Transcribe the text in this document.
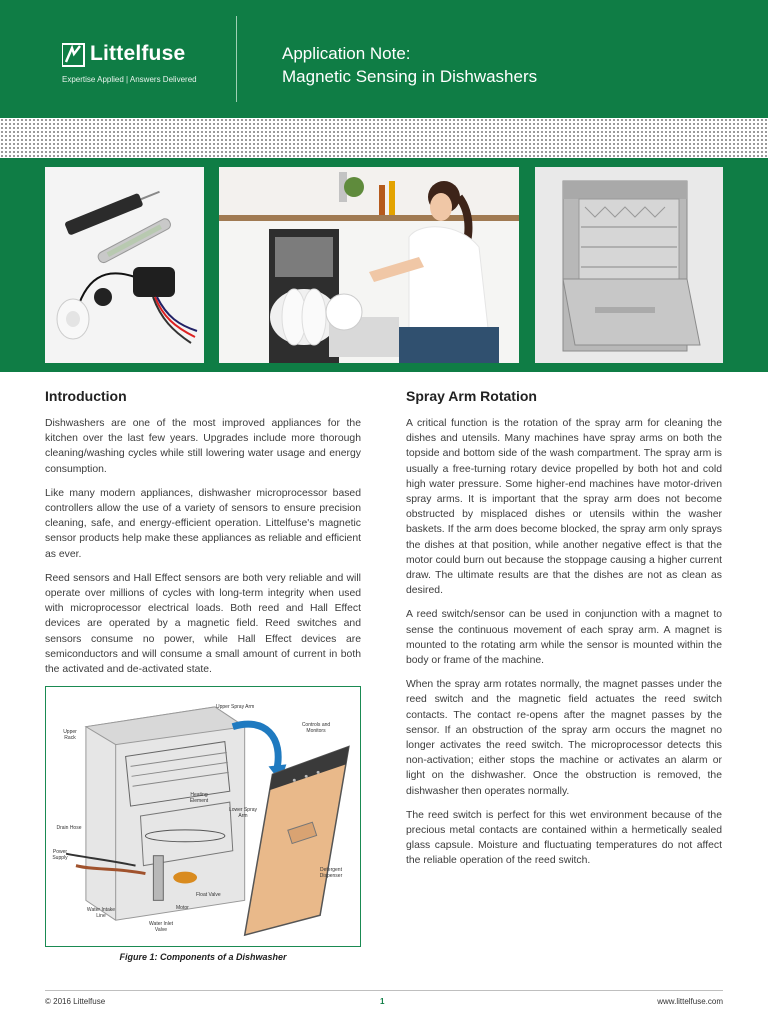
Littelfuse
Expertise Applied | Answers Delivered
Application Note:
Magnetic Sensing in Dishwashers
Introduction

Dishwashers are one of the most improved appliances for the kitchen over the last few years. Upgrades include more thorough cleaning/washing cycles while still lowering water usage and energy consumption.

Like many modern appliances, dishwasher microprocessor based controllers allow the use of a variety of sensors to ensure precision cleaning, safe, and energy-efficient operation. Littelfuse's magnetic sensor products help make these appliances as reliable and efficient as ever.

Reed sensors and Hall Effect sensors are both very reliable and will operate over millions of cycles with long-term integrity when used with microprocessor electrical loads. Both reed and Hall Effect devices are operated by a magnetic field. Reed switches and sensors consume no power, while Hall Effect devices are semiconductors and will consume a small amount of current in both the activated and de-activated state.

Upper Spray Arm
Upper Rack
Controls and Monitors
Heating Element
Lower Spray Arm
Drain Hose
Power Supply
Detergent Dispenser
Float Valve
Motor
Water Intake Line
Water Inlet Valve
Figure 1: Components of a Dishwasher
Spray Arm Rotation

A critical function is the rotation of the spray arm for cleaning the dishes and utensils. Many machines have spray arms on both the topside and bottom side of the wash compartment. The spray arm is usually a free-turning rotary device propelled by both hot and cold high water pressure. Some higher-end machines have motor-driven spray arms. It is important that the spray arm does not become obstructed by misplaced dishes or utensils within the washer baskets. If the arm does become blocked, the spray arm only sprays the dishes at that position, while another negative effect is that the motor could burn out because the stoppage causing a higher current draw. The ultimate results are that the dishes are not as clean as desired.

A reed switch/sensor can be used in conjunction with a magnet to sense the continuous movement of each spray arm. A magnet is mounted to the rotating arm while the sensor is mounted within the body or frame of the machine.

When the spray arm rotates normally, the magnet passes under the reed switch and the magnetic field actuates the reed switch contacts. The contact re-opens after the magnet passes by the sensor. If an obstruction of the spray arm occurs the magnet no longer activates the reed switch. The microprocessor detects this non-activation; either stops the machine or activates an alarm or light on the dishwasher. Once the obstruction is removed, the dishwasher then operates normally.

The reed switch is perfect for this wet environment because of the precious metal contacts are contained within a hermetically sealed glass capsule. Moisture and fluctuating temperatures do not affect the reliable operation of the reed switch.

© 2016 Littelfuse	1	www.littelfuse.com
